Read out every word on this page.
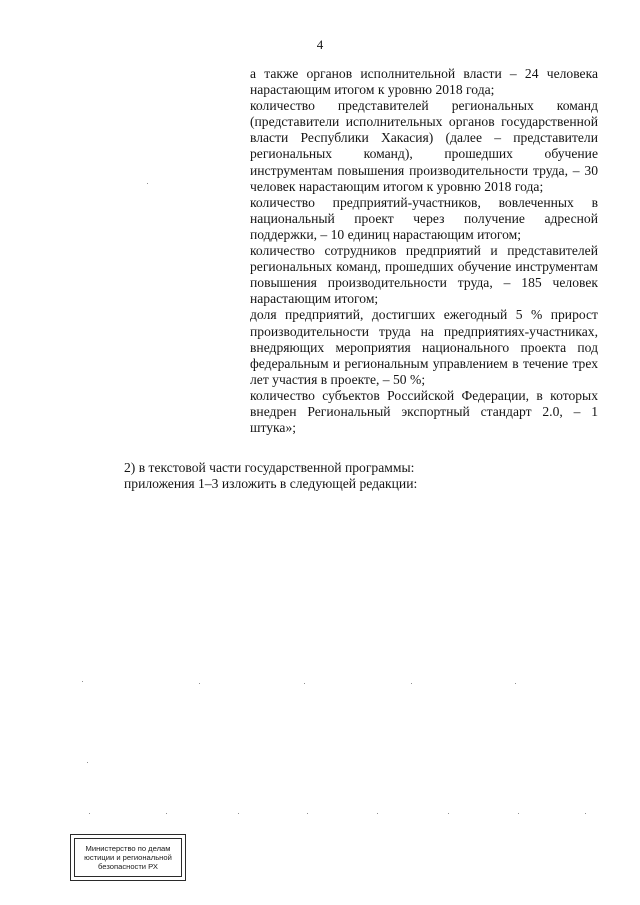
4
а также органов исполнительной власти – 24 человека нарастающим итогом к уровню 2018 года;
количество представителей региональных команд (представители исполнительных органов государственной власти Республики Хакасия) (далее – представители региональных команд), прошедших обучение инструментам повышения производительности труда, – 30 человек нарастающим итогом к уровню 2018 года;
количество предприятий-участников, вовлеченных в национальный проект через получение адресной поддержки, – 10 единиц нарастающим итогом;
количество сотрудников предприятий и представителей региональных команд, прошедших обучение инструментам повышения производительности труда, – 185 человек нарастающим итогом;
доля предприятий, достигших ежегодный 5 % прирост производительности труда на предприятиях-участниках, внедряющих мероприятия национального проекта под федеральным и региональным управлением в течение трех лет участия в проекте, – 50 %;
количество субъектов Российской Федерации, в которых внедрен Региональный экспортный стандарт 2.0, – 1 штука»;
2) в текстовой части государственной программы:
приложения 1–3 изложить в следующей редакции:
Министерство по делам
юстиции и региональной
безопасности РХ
